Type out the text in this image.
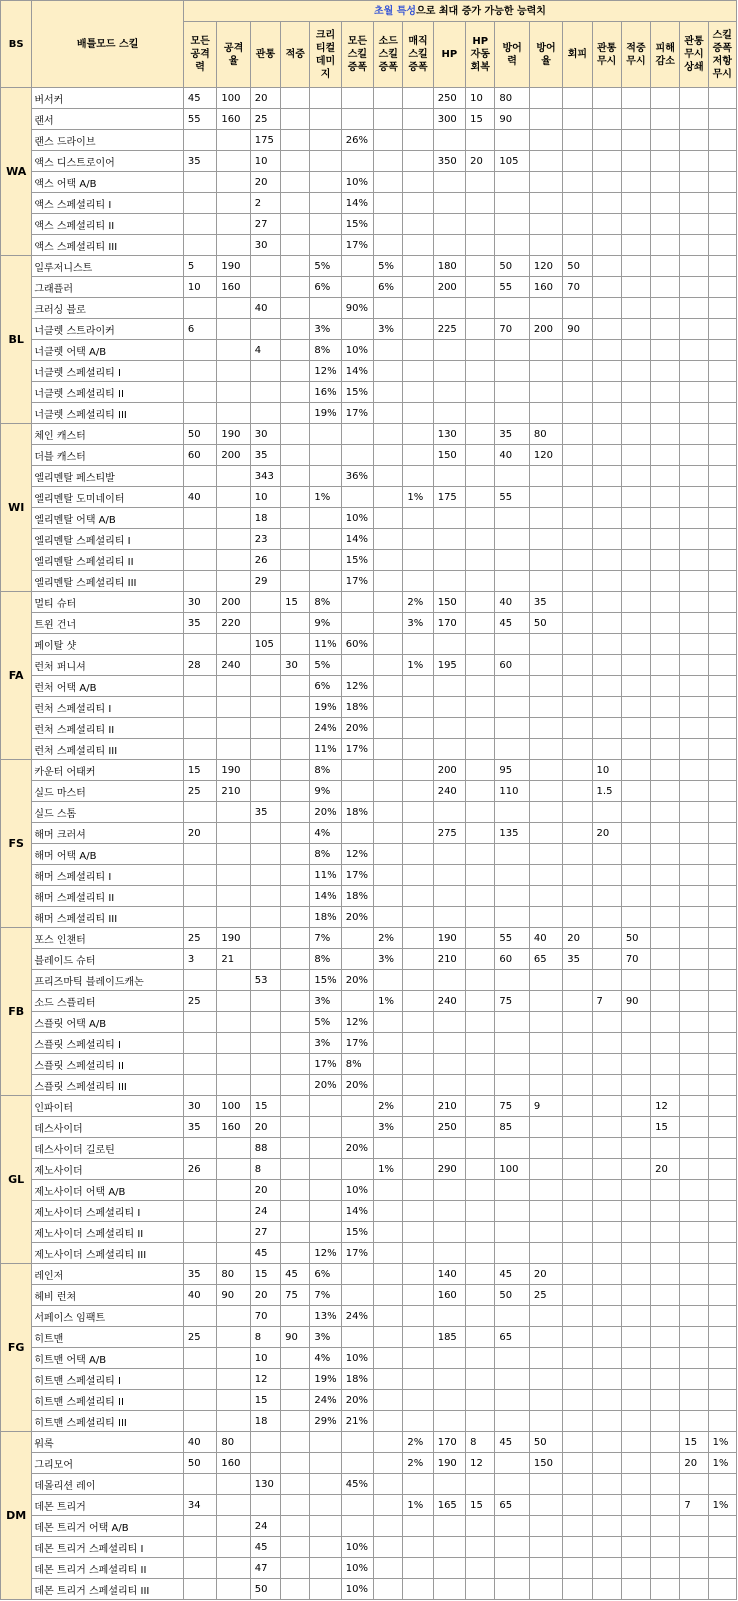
BS	배틀모드 스킬	초월 특성으로 최대 증가 가능한 능력치																	
		모든
공격
력	공격
율	관통	적중	크리
티컬
데미
지	모든
스킬
증폭	소드
스킬
증폭	매직
스킬
증폭	HP	HP
자동
회복	방어
력	방어
율	회피	관통
무시	적중
무시	피해
감소	관통
무시
상쇄	스킬
증폭
저항
무시
WA	버서커	45	100	20						250	10	80							
	랜서	55	160	25						300	15	90							
	랜스 드라이브			175			26%												
	액스 디스트로이어	35		10						350	20	105							
	액스 어택 A/B			20			10%												
	액스 스페셜리티 I			2			14%												
	액스 스페셜리티 II			27			15%												
	액스 스페셜리티 III			30			17%												
BL	일루저니스트	5	190			5%		5%		180		50	120	50					
	그래플러	10	160			6%		6%		200		55	160	70					
	크러싱 블로			40			90%												
	너클렛 스트라이커	6				3%		3%		225		70	200	90					
	너클렛 어택 A/B			4		8%	10%												
	너클렛 스페셜리티 I					12%	14%												
	너클렛 스페셜리티 II					16%	15%												
	너클렛 스페셜리티 III					19%	17%												
WI	체인 캐스터	50	190	30						130		35	80						
	더블 캐스터	60	200	35						150		40	120						
	엘리멘탈 페스티발			343			36%												
	엘리멘탈 도미네이터	40		10		1%			1%	175		55							
	엘리멘탈 어택 A/B			18			10%												
	엘리멘탈 스페셜리티 I			23			14%												
	엘리멘탈 스페셜리티 II			26			15%												
	엘리멘탈 스페셜리티 III			29			17%												
FA	멀티 슈터	30	200		15	8%			2%	150		40	35						
	트윈 건너	35	220			9%			3%	170		45	50						
	페이탈 샷			105		11%	60%												
	런처 퍼니셔	28	240		30	5%			1%	195		60							
	런처 어택 A/B					6%	12%												
	런처 스페셜리티 I					19%	18%												
	런처 스페셜리티 II					24%	20%												
	런처 스페셜리티 III					11%	17%												
FS	카운터 어태커	15	190			8%				200		95			10				
	실드 마스터	25	210			9%				240		110			1.5				
	실드 스톰			35		20%	18%												
	해머 크러셔	20				4%				275		135			20				
	해머 어택 A/B					8%	12%												
	해머 스페셜리티 I					11%	17%												
	해머 스페셜리티 II					14%	18%												
	해머 스페셜리티 III					18%	20%												
FB	포스 인챈터	25	190			7%		2%		190		55	40	20		50			
	블레이드 슈터	3	21			8%		3%		210		60	65	35		70			
	프리즈마틱 블레이드캐논			53		15%	20%												
	소드 스플리터	25				3%		1%		240		75			7	90			
	스플릿 어택 A/B					5%	12%												
	스플릿 스페셜리티 I					3%	17%												
	스플릿 스페셜리티 II					17%	8%												
	스플릿 스페셜리티 III					20%	20%												
GL	인파이터	30	100	15				2%		210		75	9				12		
	데스사이더	35	160	20				3%		250		85					15		
	데스사이더 길로틴			88			20%												
	제노사이더	26		8				1%		290		100					20		
	제노사이더 어택 A/B			20			10%												
	제노사이더 스페셜리티 I			24			14%												
	제노사이더 스페셜리티 II			27			15%												
	제노사이더 스페셜리티 III			45		12%	17%												
FG	레인저	35	80	15	45	6%				140		45	20						
	헤비 런쳐	40	90	20	75	7%				160		50	25						
	서페이스 임팩트			70		13%	24%												
	히트맨	25		8	90	3%				185		65							
	히트맨 어택 A/B			10		4%	10%												
	히트맨 스페셜리티 I			12		19%	18%												
	히트맨 스페셜리티 II			15		24%	20%												
	히트맨 스페셜리티 III			18		29%	21%												
DM	워록	40	80						2%	170	8	45	50					15	1%
	그리모어	50	160						2%	190	12		150					20	1%
	데몰리션 레이			130			45%												
	데몬 트리거	34							1%	165	15	65						7	1%
	데몬 트리거 어택 A/B			24															
	데몬 트리거 스페셜리티 I			45			10%												
	데몬 트리거 스페셜리티 II			47			10%												
	데몬 트리거 스페셜리티 III			50			10%												
